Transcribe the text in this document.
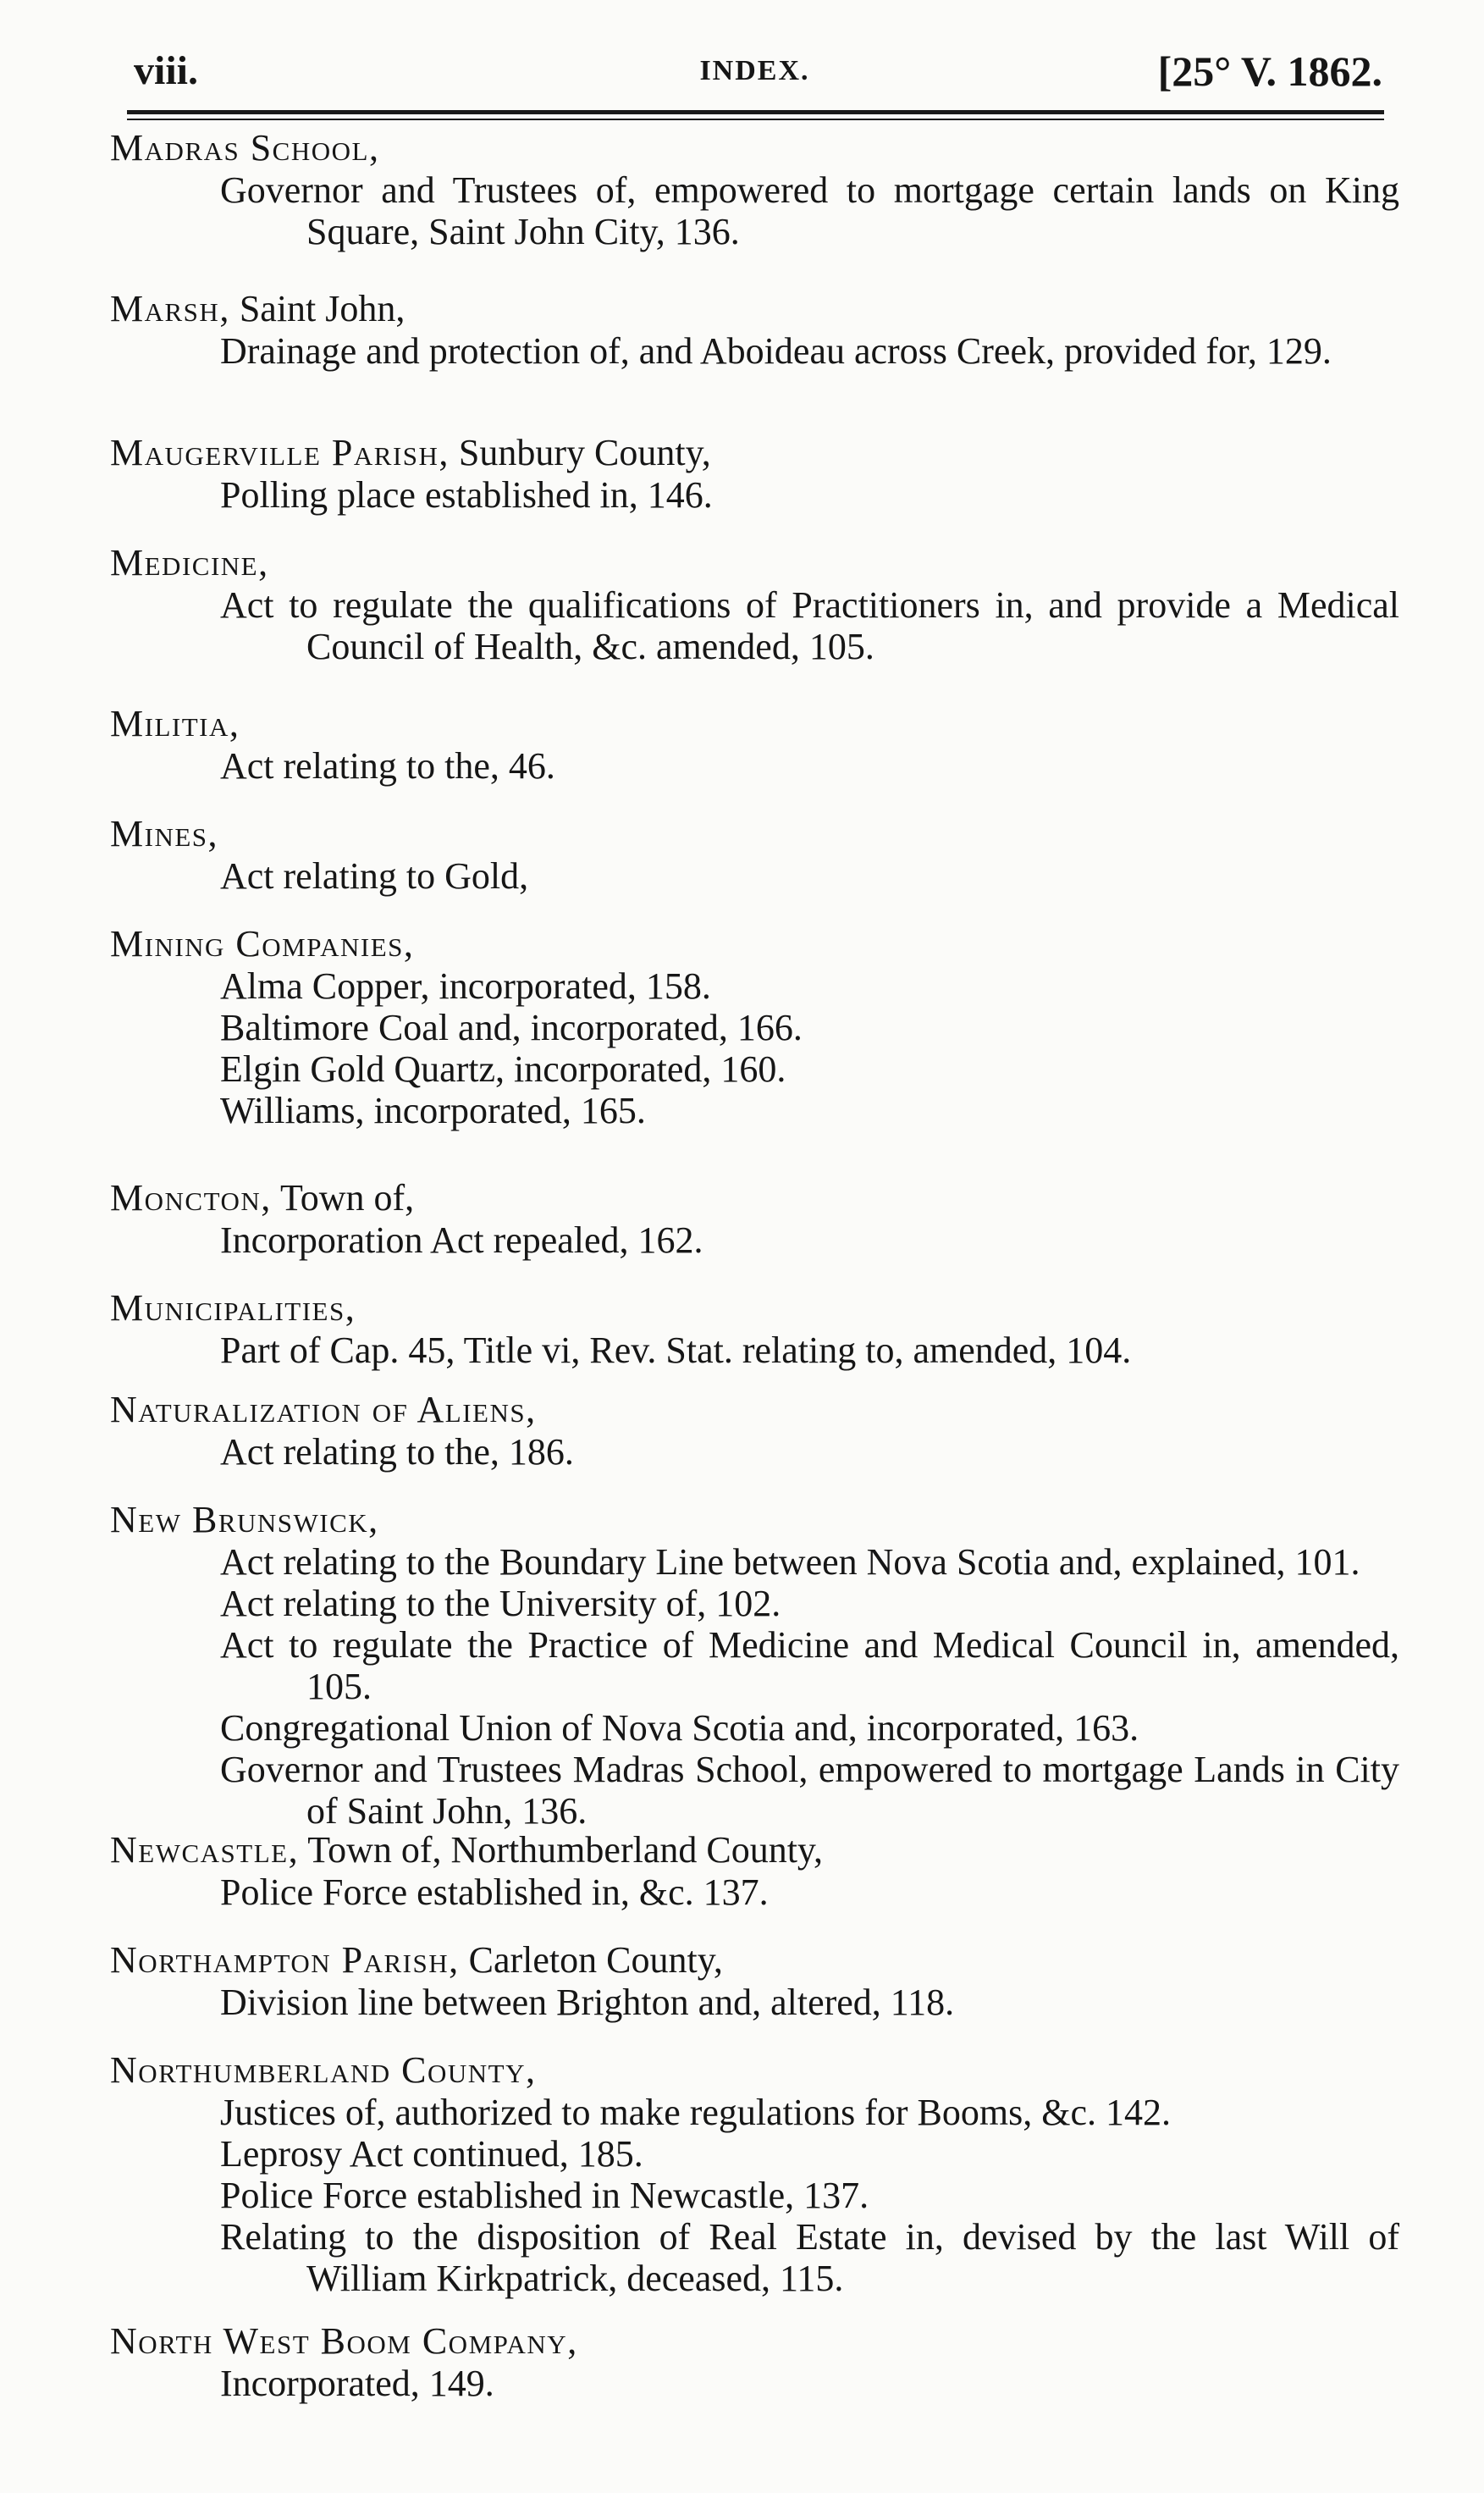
viii.	INDEX.	[25° V. 1862.
Madras School,
Governor and Trustees of, empowered to mortgage certain lands on King Square, Saint John City, 136.
Marsh, Saint John,
Drainage and protection of, and Aboideau across Creek, provided for, 129.
Maugerville Parish, Sunbury County,
Polling place established in, 146.
Medicine,
Act to regulate the qualifications of Practitioners in, and provide a Medical Council of Health, &c. amended, 105.
Militia,
Act relating to the, 46.
Mines,
Act relating to Gold,
Mining Companies,
Alma Copper, incorporated, 158.
Baltimore Coal and, incorporated, 166.
Elgin Gold Quartz, incorporated, 160.
Williams, incorporated, 165.
Moncton, Town of,
Incorporation Act repealed, 162.
Municipalities,
Part of Cap. 45, Title vi, Rev. Stat. relating to, amended, 104.
Naturalization of Aliens,
Act relating to the, 186.
New Brunswick,
Act relating to the Boundary Line between Nova Scotia and, explained, 101.
Act relating to the University of, 102.
Act to regulate the Practice of Medicine and Medical Council in, amended, 105.
Congregational Union of Nova Scotia and, incorporated, 163.
Governor and Trustees Madras School, empowered to mortgage Lands in City of Saint John, 136.
Newcastle, Town of, Northumberland County,
Police Force established in, &c. 137.
Northampton Parish, Carleton County,
Division line between Brighton and, altered, 118.
Northumberland County,
Justices of, authorized to make regulations for Booms, &c. 142.
Leprosy Act continued, 185.
Police Force established in Newcastle, 137.
Relating to the disposition of Real Estate in, devised by the last Will of William Kirkpatrick, deceased, 115.
North West Boom Company,
Incorporated, 149.
